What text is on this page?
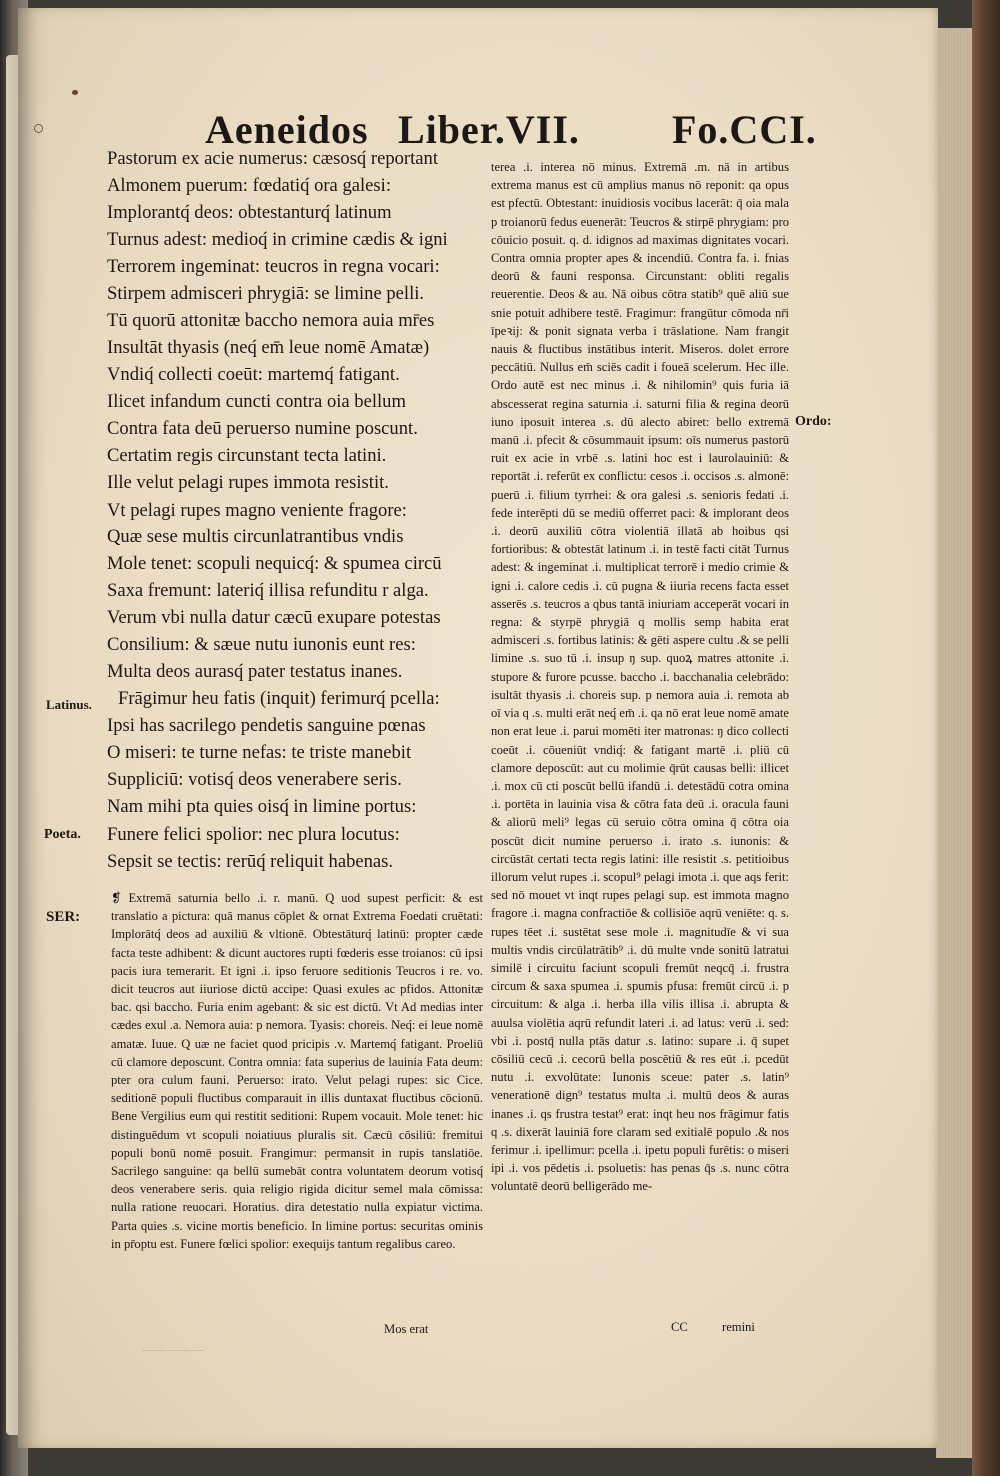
Aeneidos Liber.VII. Fo.CCI.
Pastorum ex acie numerus: cæsosq́ reportant
Almonem puerum: fœdatiq́ ora galesi:
Implorantq́ deos: obtestanturq́ latinum
Turnus adest: medioq́ in crimine cædis & igni
Terrorem ingeminat: teucros in regna vocari:
Stirpem admisceri phrygiā: se limine pelli.
Tū quorū attonitæ baccho nemora auia mr̄es
Insultāt thyasis (neq́ em̄ leue nomē Amatæ)
Vndiq́ collecti coeūt: martemq́ fatigant.
Ilicet infandum cuncti contra oia bellum
Contra fata deū peruerso numine poscunt.
Certatim regis circunstant tecta latini.
Ille velut pelagi rupes immota resistit.
Vt pelagi rupes magno veniente fragore:
Quæ sese multis circunlatrantibus vndis
Mole tenet: scopuli nequicq́: & spumea circū
Saxa fremunt: lateriq́ illisa refunditu r alga.
Verum vbi nulla datur cæcū exupare potestas
Consilium: & sæue nutu iunonis eunt res:
Multa deos aurasq́ pater testatus inanes.
Frāgimur heu fatis (inquit) ferimurq́ pcella:
Ipsi has sacrilego pendetis sanguine pœnas
O miseri: te turne nefas: te triste manebit
Suppliciū: votisq́ deos venerabere seris.
Nam mihi pta quies oisq́ in limine portus:
Funere felici spolior: nec plura locutus:
Sepsit se tectis: rerūq́ reliquit habenas.
Latinus.
Poeta.
SER:
Ordo:

❡ Extremā saturnia bello .i. r. manū. Q uod supest perficit: & est translatio a pictura: quā manus cōplet & ornat Extrema Foedati cruētati: Implorātq́ deos ad auxiliū & vltionē. Obtestāturq́ latinū: propter cæde facta teste adhibent: & dicunt auctores rupti fœderis esse troianos: cū ipsi pacis iura temerarit. Et igni .i. ipso feruore seditionis Teucros i re. vo. dicit teucros aut iiuriose dictū accipe: Quasi exules ac pfidos. Attonitæ bac. qsi baccho. Furia enim agebant: & sic est dictū. Vt Ad medias inter cædes exul .a. Nemora auia: p nemora. Tyasis: choreis. Neq́: ei leue nomē amatæ. Iuue. Q uæ ne faciet quod pricipis .v. Martemq́ fatigant. Proeliū cū clamore deposcunt. Contra omnia: fata superius de lauinia Fata deum: pter ora culum fauni. Peruerso: irato. Velut pelagi rupes: sic Cice. seditionē populi fluctibus comparauit in illis duntaxat fluctibus cōcionū. Bene Vergilius eum qui restitit seditioni: Rupem vocauit. Mole tenet: hic distinguēdum vt scopuli noiatiuus pluralis sit. Cæcū cōsiliū: fremitui populi bonū nomē posuit. Frangimur: permansit in rupis tanslatiōe. Sacrilego sanguine: qa bellū sumebāt contra voluntatem deorum votisq́ deos venerabere seris. quia religio rigida dicitur semel mala cōmissa: nulla ratione reuocari. Horatius. dira detestatio nulla expiatur victima. Parta quies .s. vicine mortis beneficio. In limine portus: securitas ominis in pr̄optu est. Funere fœlici spolior: exequijs tantum regalibus careo.

terea .i. interea nō minus. Extremā .m. nā in artibus extrema manus est cū amplius manus nō reponit: qa opus est pfectū. Obtestant: inuidiosis vocibus lacerāt: q̄ oia mala p troianorū fedus euenerāt: Teucros & stirpē phrygiam: pro cōuicio posuit. q. d. idignos ad maximas dignitates vocari. Contra omnia propter apes & incendiū. Contra fa. i. fnias deorū & fauni responsa. Circunstant: obliti regalis reuerentie. Deos & au. Nā oibus cōtra statib⁹ quē aliū sue snie potuit adhibere testē. Fragimur: frangūtur cōmoda nr̄i īpeꝛij: & ponit signata verba i trāslatione. Nam frangit nauis & fluctibus instātibus interit. Miseros. dolet errore peccātiū. Nullus em̄ sciēs cadit i foueā scelerum. Hec ille. Ordo autē est nec minus .i. & nihilomin⁹ quis furia iā abscesserat regina saturnia .i. saturni filia & regina deorū iuno iposuit interea .s. dū alecto abiret: bello extremā manū .i. pfecit & cōsummauit ipsum: oīs numerus pastorū ruit ex acie in vrbē .s. latini hoc est i laurolauiniū: & reportāt .i. referūt ex conflictu: cesos .i. occisos .s. almonē: puerū .i. filium tyrrhei: & ora galesi .s. senioris fedati .i. fede interēpti dū se mediū offerret paci: & implorant deos .i. deorū auxiliū cōtra violentiā illatā ab hoibus qsi fortioribus: & obtestāt latinum .i. in testē facti citāt Turnus adest: & ingeminat .i. multiplicat terrorē i medio crimie & igni .i. calore cedis .i. cū pugna & iiuria recens facta esset asserēs .s. teucros a qbus tantā iniuriam acceperāt vocari in regna: & styrpē phrygiā q mollis semp habita erat admisceri .s. fortibus latinis: & gēti aspere cultu .& se pelli limine .s. suo tū .i. insup ŋ sup. quoꝝ matres attonite .i. stupore & furore pcusse. baccho .i. bacchanalia celebrādo: isultāt thyasis .i. choreis sup. p nemora auia .i. remota ab oī via q .s. multi erāt neq́ em̄ .i. qa nō erat leue nomē amate non erat leue .i. parui momēti iter matronas: ŋ dico collecti coeūt .i. cōueniūt vndiq́: & fatigant martē .i. pliū cū clamore deposcūt: aut cu molimie q̄rūt causas belli: illicet .i. mox cū cti poscūt bellū ifandū .i. detestādū cotra omina .i. portēta in lauinia visa & cōtra fata deū .i. oracula fauni & aliorū meli⁹ legas cū seruio cōtra omina q̄ cōtra oia poscūt dicit numine peruerso .i. irato .s. iunonis: & circūstāt certati tecta regis latini: ille resistit .s. petitioibus illorum velut rupes .i. scopul⁹ pelagi imota .i. que aqs ferit: sed nō mouet vt inqt rupes pelagi sup. est immota magno fragore .i. magna confractiōe & collisiōe aqrū veniēte: q. s. rupes tēet .i. sustētat sese mole .i. magnitudīe & vi sua multis vndis circūlatrātib⁹ .i. dū multe vnde sonitū latratui similē i circuitu faciunt scopuli fremūt neqcq̄ .i. frustra circum & saxa spumea .i. spumis pfusa: fremūt circū .i. p circuitum: & alga .i. herba illa vilis illisa .i. abrupta & auulsa violētia aqrū refundit lateri .i. ad latus: verū .i. sed: vbi .i. postq̄ nulla ptās datur .s. latino: supare .i. q̄ supet cōsiliū cecū .i. cecorū bella poscētiū & res eūt .i. pcedūt nutu .i. exvolūtate: Iunonis sceue: pater .s. latin⁹ venerationē dign⁹ testatus multa .i. multū deos & auras inanes .i. qs frustra testat⁹ erat: inqt heu nos frāgimur fatis q .s. dixerāt lauiniā fore claram sed exitialē populo .& nos ferimur .i. ipellimur: pcella .i. ipetu populi furētis: o miseri ipi .i. vos pēdetis .i. psoluetis: has penas q̄s .s. nunc cōtra voluntatē deorū belligerādo me-

Mos erat	CC	remini
